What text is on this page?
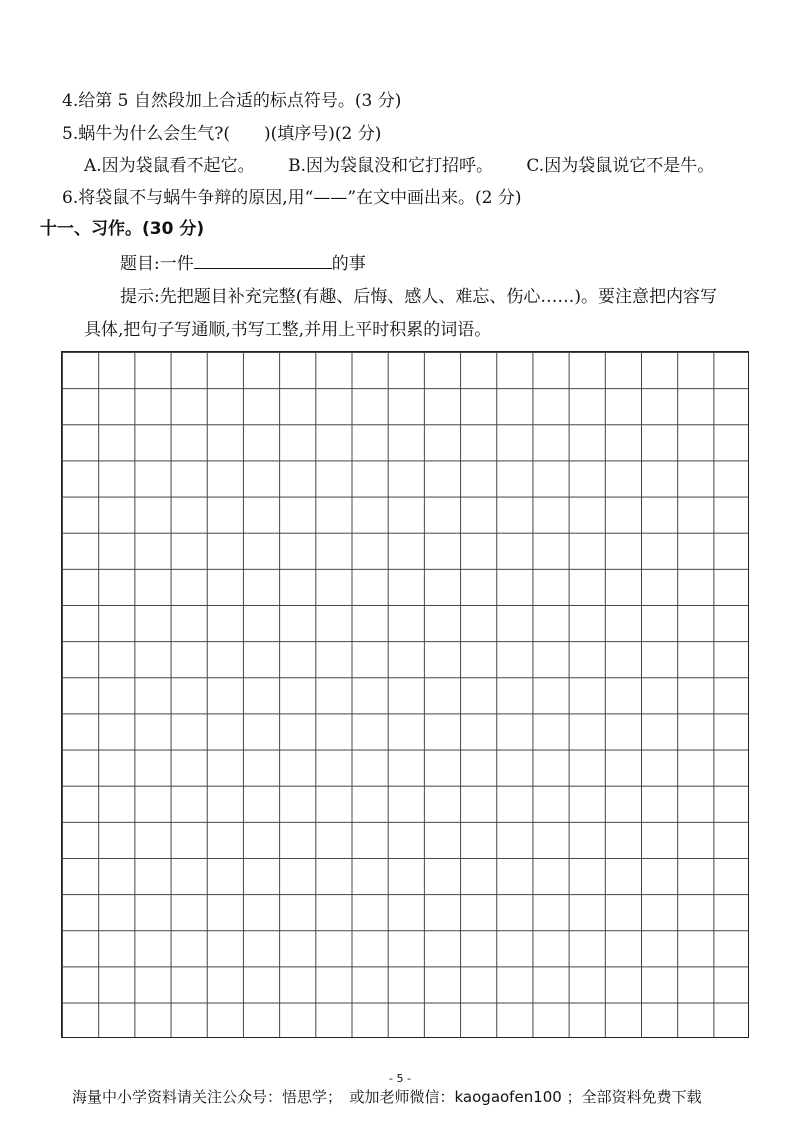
4.给第 5 自然段加上合适的标点符号。(3 分)
5.蜗牛为什么会生气?(　　)(填序号)(2 分)
A.因为袋鼠看不起它。 B.因为袋鼠没和它打招呼。 C.因为袋鼠说它不是牛。
6.将袋鼠不与蜗牛争辩的原因,用“——”在文中画出来。(2 分)
十一、习作。(30 分)
题目:一件	的事
提示:先把题目补充完整(有趣、后悔、感人、难忘、伤心……)。要注意把内容写
具体,把句子写通顺,书写工整,并用上平时积累的词语。
- 5 -
海量中小学资料请关注公众号：悟思学；　或加老师微信：kaogaofen100 ；全部资料免费下载
